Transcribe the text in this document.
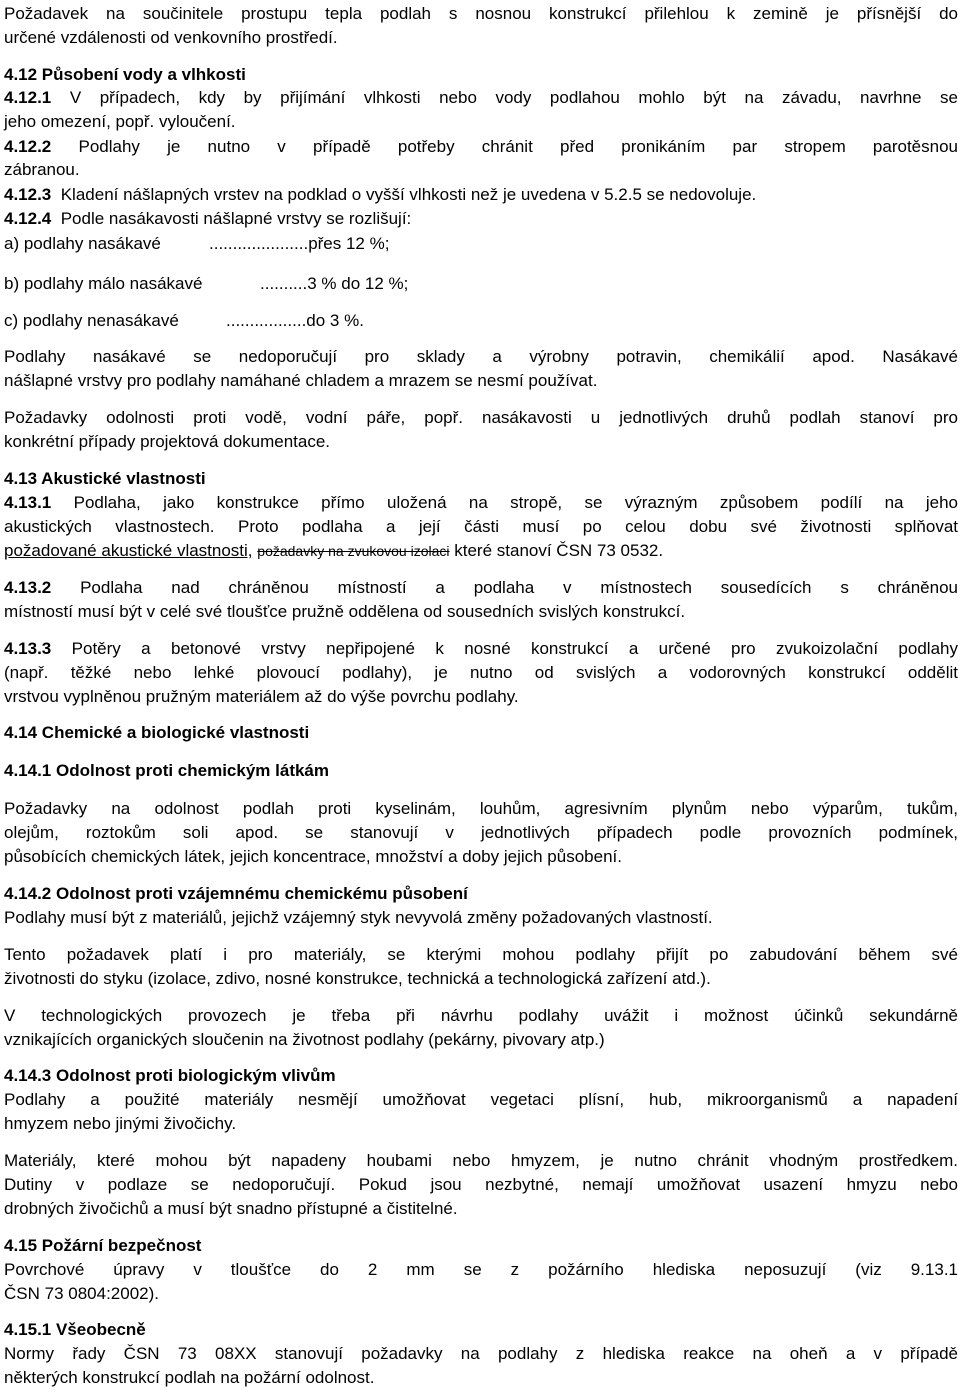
Požadavek na součinitele prostupu tepla podlah s nosnou konstrukcí přilehlou k zemině je přísnější do
určené vzdálenosti od venkovního prostředí.
4.12 Působení vody a vlhkosti
4.12.1 V případech, kdy by přijímání vlhkosti nebo vody podlahou mohlo být na závadu, navrhne se
jeho omezení, popř. vyloučení.
4.12.2 Podlahy je nutno v případě potřeby chránit před pronikáním par stropem parotěsnou
zábranou.
4.12.3 Kladení nášlapných vrstev na podklad o vyšší vlhkosti než je uvedena v 5.2.5 se nedovoluje.
4.12.4 Podle nasákavosti nášlapné vrstvy se rozlišují:
a) podlahy nasákavé	.....................přes 12 %;
b) podlahy málo nasákavé	..........3 % do 12 %;
c) podlahy nenasákavé	.................do 3 %.
Podlahy nasákavé se nedoporučují pro sklady a výrobny potravin, chemikálií apod. Nasákavé
nášlapné vrstvy pro podlahy namáhané chladem a mrazem se nesmí používat.
Požadavky odolnosti proti vodě, vodní páře, popř. nasákavosti u jednotlivých druhů podlah stanoví pro
konkrétní případy projektová dokumentace.
4.13 Akustické vlastnosti
4.13.1 Podlaha, jako konstrukce přímo uložená na stropě, se výrazným způsobem podílí na jeho
akustických vlastnostech. Proto podlaha a její části musí po celou dobu své životnosti splňovat
požadované akustické vlastnosti, požadavky na zvukovou izolaci které stanoví ČSN 73 0532.
4.13.2 Podlaha nad chráněnou místností a podlaha v místnostech sousedících s chráněnou
místností musí být v celé své tloušťce pružně oddělena od sousedních svislých konstrukcí.
4.13.3 Potěry a betonové vrstvy nepřipojené k nosné konstrukcí a určené pro zvukoizolační podlahy
(např. těžké nebo lehké plovoucí podlahy), je nutno od svislých a vodorovných konstrukcí oddělit
vrstvou vyplněnou pružným materiálem až do výše povrchu podlahy.
4.14 Chemické a biologické vlastnosti
4.14.1 Odolnost proti chemickým látkám
Požadavky na odolnost podlah proti kyselinám, louhům, agresivním plynům nebo výparům, tukům,
olejům, roztokům soli apod. se stanovují v jednotlivých případech podle provozních podmínek,
působících chemických látek, jejich koncentrace, množství a doby jejich působení.
4.14.2 Odolnost proti vzájemnému chemickému působení
Podlahy musí být z materiálů, jejichž vzájemný styk nevyvolá změny požadovaných vlastností.
Tento požadavek platí i pro materiály, se kterými mohou podlahy přijít po zabudování během své
životnosti do styku (izolace, zdivo, nosné konstrukce, technická a technologická zařízení atd.).
V technologických provozech je třeba při návrhu podlahy uvážit i možnost účinků sekundárně
vznikajících organických sloučenin na životnost podlahy (pekárny, pivovary atp.)
4.14.3 Odolnost proti biologickým vlivům
Podlahy a použité materiály nesmějí umožňovat vegetaci plísní, hub, mikroorganismů a napadení
hmyzem nebo jinými živočichy.
Materiály, které mohou být napadeny houbami nebo hmyzem, je nutno chránit vhodným prostředkem.
Dutiny v podlaze se nedoporučují. Pokud jsou nezbytné, nemají umožňovat usazení hmyzu nebo
drobných živočichů a musí být snadno přístupné a čistitelné.
4.15 Požární bezpečnost
Povrchové úpravy v tloušťce do 2 mm se z požárního hlediska neposuzují (viz 9.13.1
ČSN 73 0804:2002).
4.15.1 Všeobecně
Normy řady ČSN 73 08XX stanovují požadavky na podlahy z hlediska reakce na oheň a v případě
některých konstrukcí podlah na požární odolnost.
